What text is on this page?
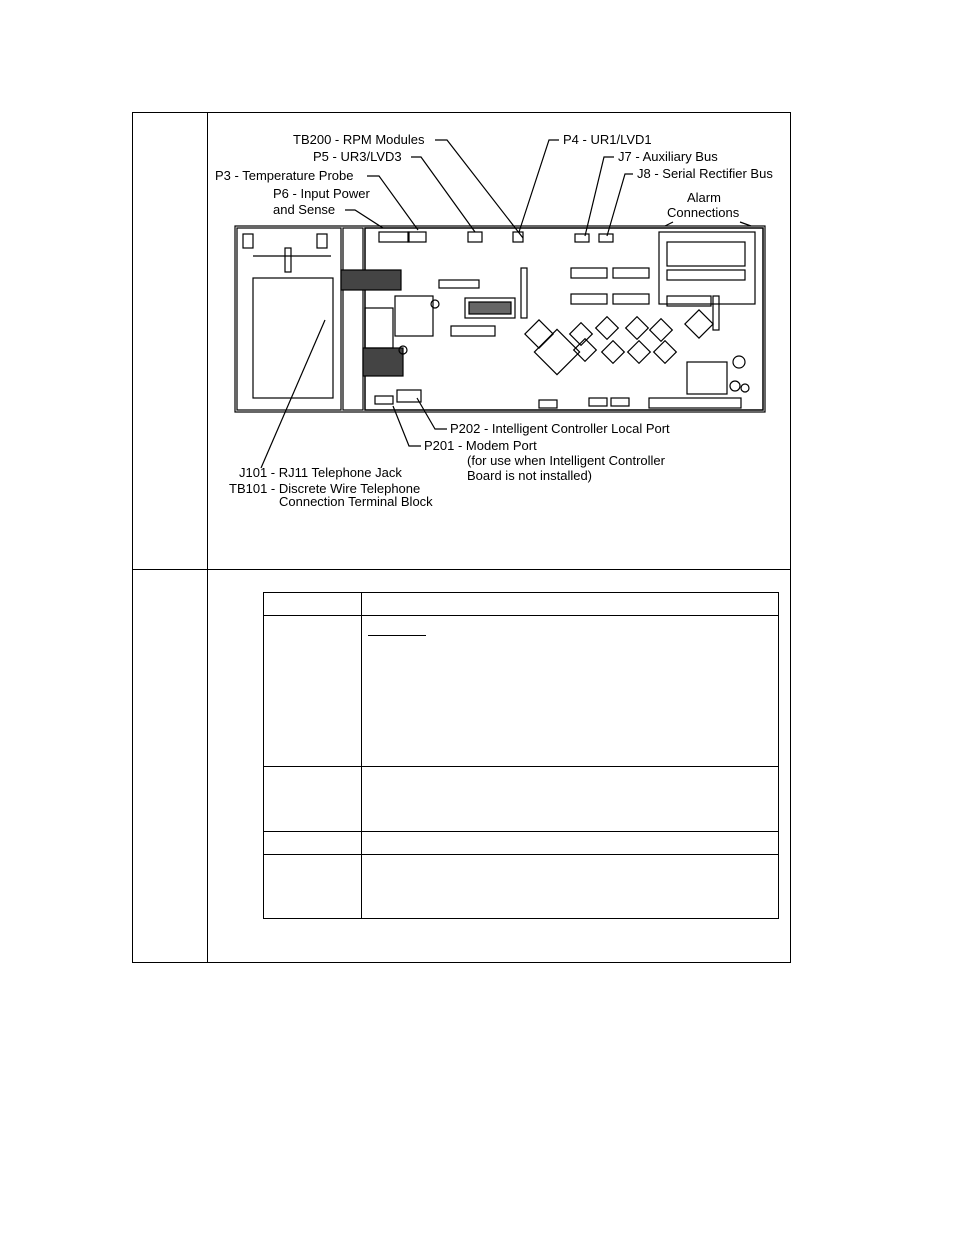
TB200 - RPM Modules
P5 - UR3/LVD3
P3 - Temperature Probe
P6 - Input Power
and Sense
P4 - UR1/LVD1
J7 - Auxiliary Bus
J8 - Serial Rectifier Bus
Alarm
Connections
P202 - Intelligent Controller Local Port
P201 - Modem Port
(for use when Intelligent Controller
Board is not installed)
J101 - RJ11 Telephone Jack
TB101 - Discrete Wire Telephone
Connection Terminal Block
